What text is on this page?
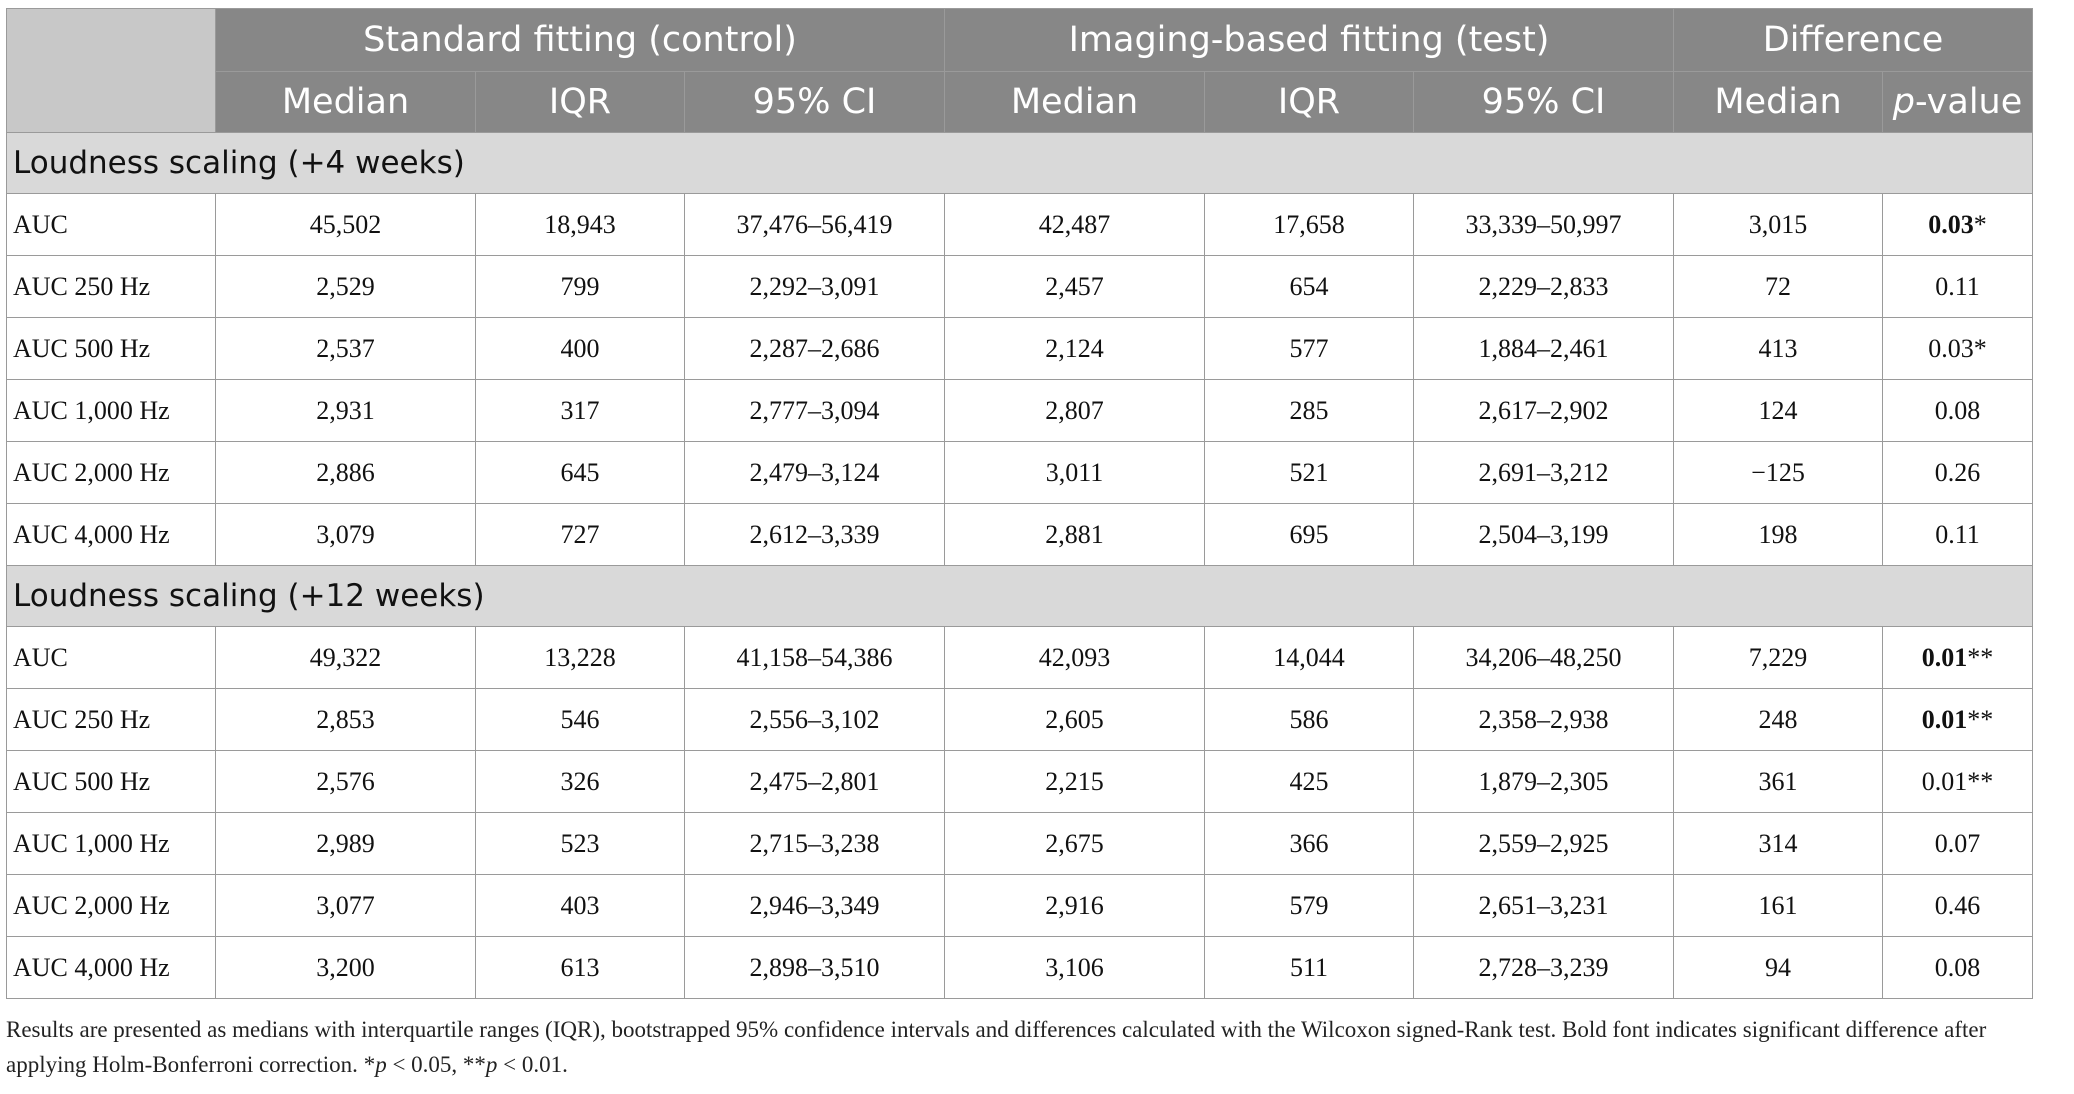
	Standard fitting (control)			Imaging-based fitting (test)			Difference	
	Median	IQR	95% CI	Median	IQR	95% CI	Median	p-value
Loudness scaling (+4 weeks)								
AUC	45,502	18,943	37,476–56,419	42,487	17,658	33,339–50,997	3,015	0.03*
AUC 250 Hz	2,529	799	2,292–3,091	2,457	654	2,229–2,833	72	0.11
AUC 500 Hz	2,537	400	2,287–2,686	2,124	577	1,884–2,461	413	0.03*
AUC 1,000 Hz	2,931	317	2,777–3,094	2,807	285	2,617–2,902	124	0.08
AUC 2,000 Hz	2,886	645	2,479–3,124	3,011	521	2,691–3,212	−125	0.26
AUC 4,000 Hz	3,079	727	2,612–3,339	2,881	695	2,504–3,199	198	0.11
Loudness scaling (+12 weeks)								
AUC	49,322	13,228	41,158–54,386	42,093	14,044	34,206–48,250	7,229	0.01**
AUC 250 Hz	2,853	546	2,556–3,102	2,605	586	2,358–2,938	248	0.01**
AUC 500 Hz	2,576	326	2,475–2,801	2,215	425	1,879–2,305	361	0.01**
AUC 1,000 Hz	2,989	523	2,715–3,238	2,675	366	2,559–2,925	314	0.07
AUC 2,000 Hz	3,077	403	2,946–3,349	2,916	579	2,651–3,231	161	0.46
AUC 4,000 Hz	3,200	613	2,898–3,510	3,106	511	2,728–3,239	94	0.08
Results are presented as medians with interquartile ranges (IQR), bootstrapped 95% confidence intervals and differences calculated with the Wilcoxon signed-Rank test. Bold font indicates significant difference after applying Holm-Bonferroni correction. *p < 0.05, **p < 0.01.
